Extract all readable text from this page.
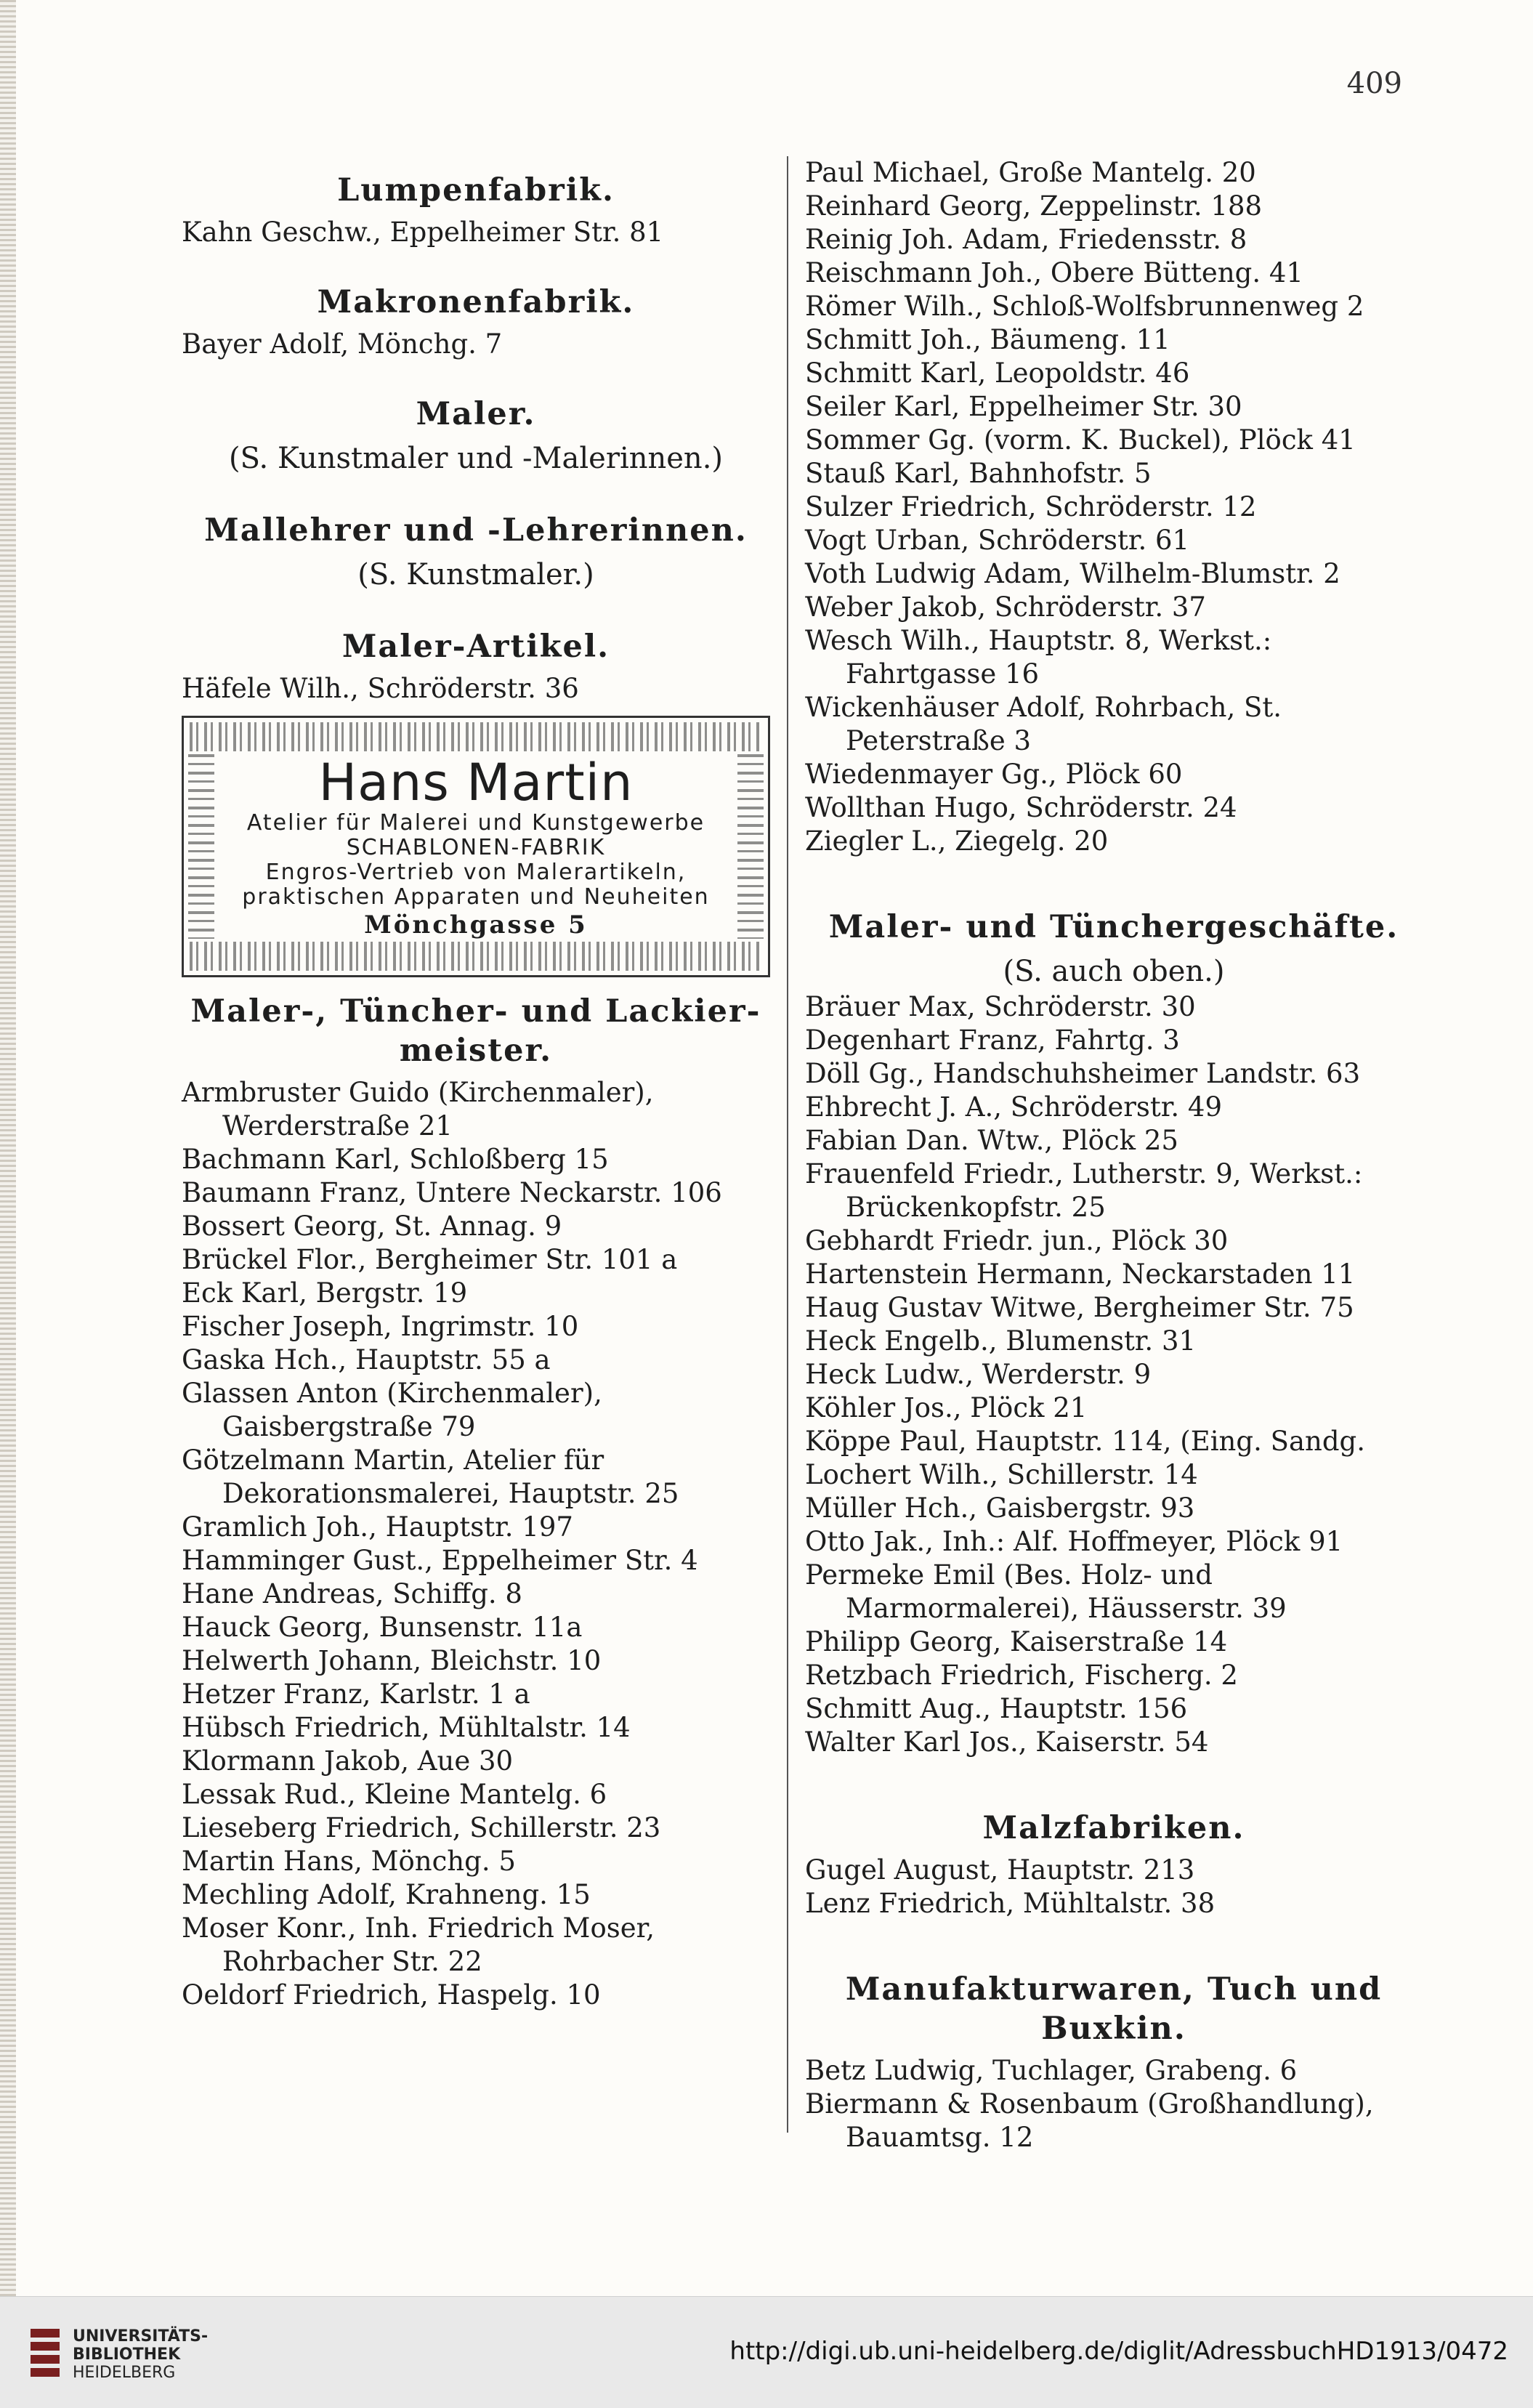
409
Lumpenfabrik.
Kahn Geschw., Eppelheimer Str. 81
Makronenfabrik.
Bayer Adolf, Mönchg. 7
Maler.
(S. Kunstmaler und -Malerinnen.)
Mallehrer und -Lehrerinnen.
(S. Kunstmaler.)
Maler-Artikel.
Häfele Wilh., Schröderstr. 36
Hans Martin
Atelier für Malerei und Kunstgewerbe
SCHABLONEN-FABRIK
Engros-Vertrieb von Malerartikeln,
praktischen Apparaten und Neuheiten
Mönchgasse 5
Maler-, Tüncher- und Lackier-meister.
Armbruster Guido (Kirchenmaler), Werderstraße 21
Bachmann Karl, Schloßberg 15
Baumann Franz, Untere Neckarstr. 106
Bossert Georg, St. Annag. 9
Brückel Flor., Bergheimer Str. 101 a
Eck Karl, Bergstr. 19
Fischer Joseph, Ingrimstr. 10
Gaska Hch., Hauptstr. 55 a
Glassen Anton (Kirchenmaler), Gaisbergstraße 79
Götzelmann Martin, Atelier für Dekorationsmalerei, Hauptstr. 25
Gramlich Joh., Hauptstr. 197
Hamminger Gust., Eppelheimer Str. 4
Hane Andreas, Schiffg. 8
Hauck Georg, Bunsenstr. 11a
Helwerth Johann, Bleichstr. 10
Hetzer Franz, Karlstr. 1 a
Hübsch Friedrich, Mühltalstr. 14
Klormann Jakob, Aue 30
Lessak Rud., Kleine Mantelg. 6
Lieseberg Friedrich, Schillerstr. 23
Martin Hans, Mönchg. 5
Mechling Adolf, Krahneng. 15
Moser Konr., Inh. Friedrich Moser, Rohrbacher Str. 22
Oeldorf Friedrich, Haspelg. 10
Paul Michael, Große Mantelg. 20
Reinhard Georg, Zeppelinstr. 188
Reinig Joh. Adam, Friedensstr. 8
Reischmann Joh., Obere Bütteng. 41
Römer Wilh., Schloß-Wolfsbrunnenweg 2
Schmitt Joh., Bäumeng. 11
Schmitt Karl, Leopoldstr. 46
Seiler Karl, Eppelheimer Str. 30
Sommer Gg. (vorm. K. Buckel), Plöck 41
Stauß Karl, Bahnhofstr. 5
Sulzer Friedrich, Schröderstr. 12
Vogt Urban, Schröderstr. 61
Voth Ludwig Adam, Wilhelm-Blumstr. 2
Weber Jakob, Schröderstr. 37
Wesch Wilh., Hauptstr. 8, Werkst.: Fahrtgasse 16
Wickenhäuser Adolf, Rohrbach, St. Peterstraße 3
Wiedenmayer Gg., Plöck 60
Wollthan Hugo, Schröderstr. 24
Ziegler L., Ziegelg. 20
Maler- und Tünchergeschäfte.
(S. auch oben.)
Bräuer Max, Schröderstr. 30
Degenhart Franz, Fahrtg. 3
Döll Gg., Handschuhsheimer Landstr. 63
Ehbrecht J. A., Schröderstr. 49
Fabian Dan. Wtw., Plöck 25
Frauenfeld Friedr., Lutherstr. 9, Werkst.: Brückenkopfstr. 25
Gebhardt Friedr. jun., Plöck 30
Hartenstein Hermann, Neckarstaden 11
Haug Gustav Witwe, Bergheimer Str. 75
Heck Engelb., Blumenstr. 31
Heck Ludw., Werderstr. 9
Köhler Jos., Plöck 21
Köppe Paul, Hauptstr. 114, (Eing. Sandg.
Lochert Wilh., Schillerstr. 14
Müller Hch., Gaisbergstr. 93
Otto Jak., Inh.: Alf. Hoffmeyer, Plöck 91
Permeke Emil (Bes. Holz- und Marmormalerei), Häusserstr. 39
Philipp Georg, Kaiserstraße 14
Retzbach Friedrich, Fischerg. 2
Schmitt Aug., Hauptstr. 156
Walter Karl Jos., Kaiserstr. 54
Malzfabriken.
Gugel August, Hauptstr. 213
Lenz Friedrich, Mühltalstr. 38
Manufakturwaren, Tuch und Buxkin.
Betz Ludwig, Tuchlager, Grabeng. 6
Biermann & Rosenbaum (Großhandlung), Bauamtsg. 12
UNIVERSITÄTS-
BIBLIOTHEK
HEIDELBERG
http://digi.ub.uni-heidelberg.de/diglit/AdressbuchHD1913/0472
